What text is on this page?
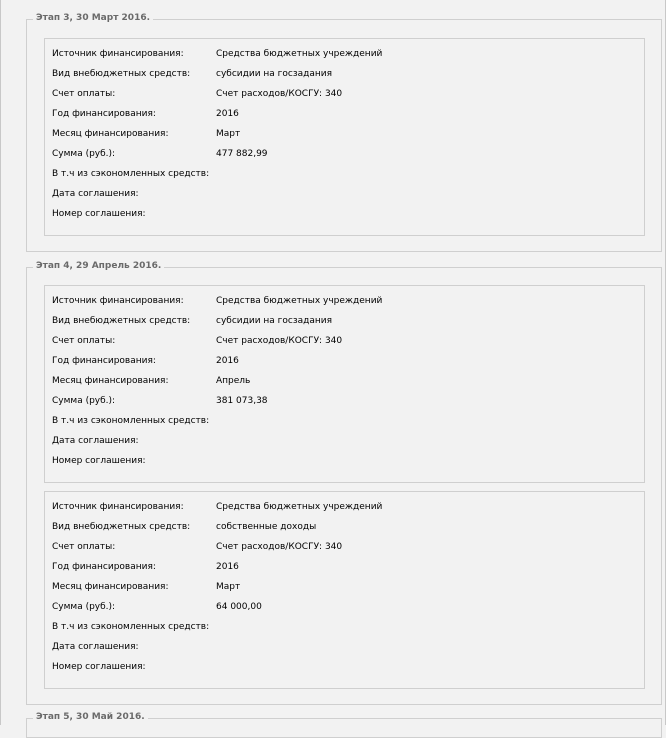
Этап 3, 30 Март 2016.
Источник финансирования:	Средства бюджетных учреждений
Вид внебюджетных средств:	субсидии на госзадания
Счет оплаты:	Счет расходов/КОСГУ: 340
Год финансирования:	2016
Месяц финансирования:	Март
Сумма (руб.):	477 882,99
В т.ч из сэкономленных средств:
Дата соглашения:
Номер соглашения:
Этап 4, 29 Апрель 2016.
Источник финансирования:	Средства бюджетных учреждений
Вид внебюджетных средств:	субсидии на госзадания
Счет оплаты:	Счет расходов/КОСГУ: 340
Год финансирования:	2016
Месяц финансирования:	Апрель
Сумма (руб.):	381 073,38
В т.ч из сэкономленных средств:
Дата соглашения:
Номер соглашения:
Источник финансирования:	Средства бюджетных учреждений
Вид внебюджетных средств:	собственные доходы
Счет оплаты:	Счет расходов/КОСГУ: 340
Год финансирования:	2016
Месяц финансирования:	Март
Сумма (руб.):	64 000,00
В т.ч из сэкономленных средств:
Дата соглашения:
Номер соглашения:
Этап 5, 30 Май 2016.
